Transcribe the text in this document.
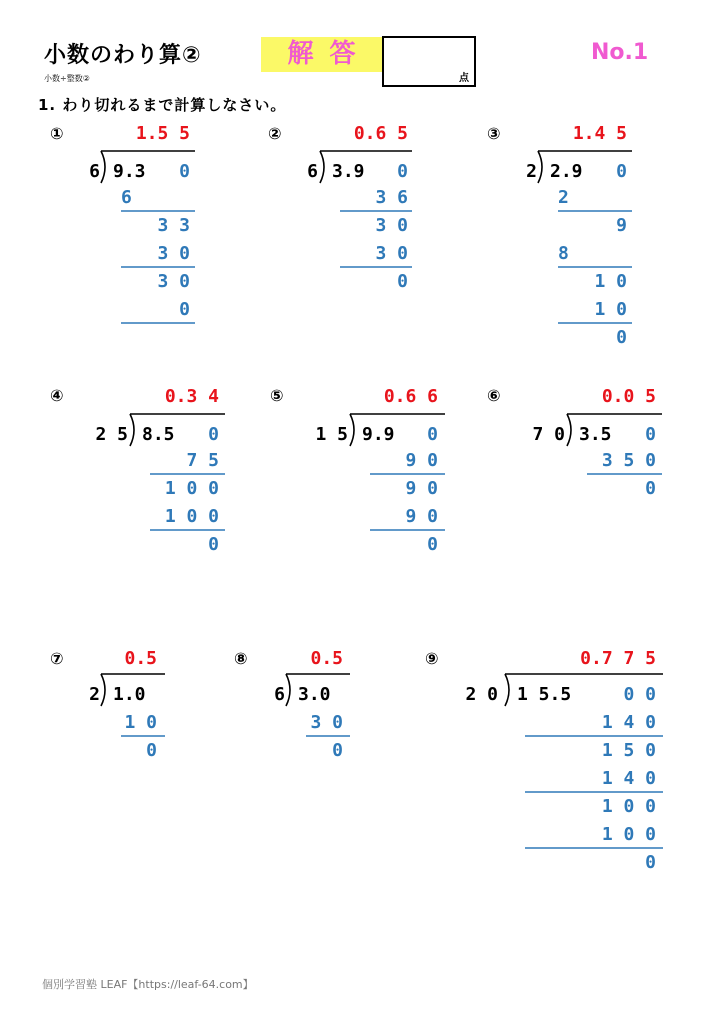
小数のわり算②
小数÷整数②
解答
点
No.1
1. わり切れるまで計算しなさい。
①	1.5 5
6 9.3 0
6
3 3
3 0
3 0
0
②	0.6 5
6 3.9 0
3 6
3 0
3 0
0
③	1.4 5
2 2.9 0
2
9
8
1 0
1 0
0
④	0.3 4
2 5 8.5 0
7 5
1 0 0
1 0 0
0
⑤	0.6 6
1 5 9.9 0
9 0
9 0
9 0
0
⑥	0.0 5
7 0 3.5 0
3 5 0
0
⑦	0.5
2 1.0
1 0
0
⑧	0.5
6 3.0
3 0
0
⑨	0.7 7 5
2 0 1 5.5	0 0
1 4 0
1 5 0
1 4 0
1 0 0
1 0 0
0
個別学習塾 LEAF【https://leaf-64.com】
